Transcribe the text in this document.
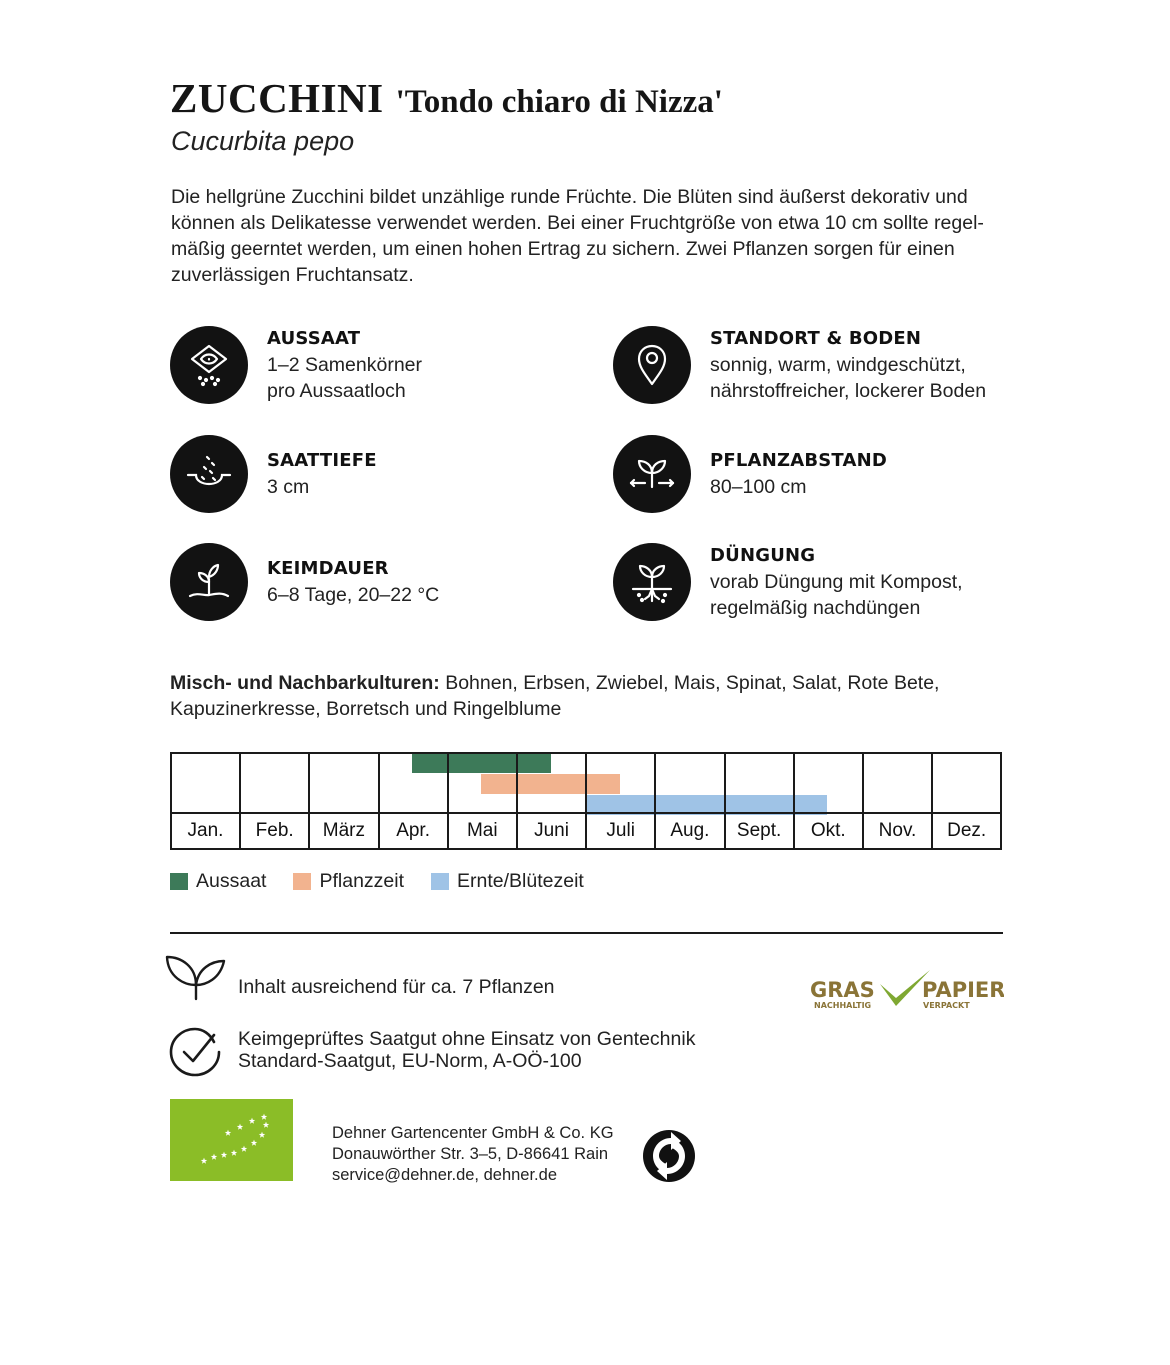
ZUCCHINI 'Tondo chiaro di Nizza'
Cucurbita pepo
Die hellgrüne Zucchini bildet unzählige runde Früchte. Die Blüten sind äußerst dekorativ und können als Delikatesse verwendet werden. Bei einer Fruchtgröße von etwa 10 cm sollte regel-mäßig geerntet werden, um einen hohen Ertrag zu sichern. Zwei Pflanzen sorgen für einen zuverlässigen Fruchtansatz.
AUSSAAT
1–2 Samenkörner
pro Aussaatloch
SAATTIEFE
3 cm
KEIMDAUER
6–8 Tage, 20–22 °C
STANDORT & BODEN
sonnig, warm, windgeschützt,
nährstoffreicher, lockerer Boden
PFLANZABSTAND
80–100 cm
DÜNGUNG
vorab Düngung mit Kompost,
regelmäßig nachdüngen
Misch- und Nachbarkulturen: Bohnen, Erbsen, Zwiebel, Mais, Spinat, Salat, Rote Bete,
Kapuzinerkresse, Borretsch und Ringelblume
Jan.	Feb.	März	Apr.	Mai	Juni	Juli	Aug.	Sept.	Okt.	Nov.	Dez.
Aussaat	Pflanzzeit	Ernte/Blütezeit
Inhalt ausreichend für ca. 7 Pflanzen
Keimgeprüftes Saatgut ohne Einsatz von Gentechnik
Standard-Saatgut, EU-Norm, A-OÖ-100
GRAS
NACHHALTIG
PAPIER
VERPACKT
Dehner Gartencenter GmbH & Co. KG
Donauwörther Str. 3–5, D-86641 Rain
service@dehner.de, dehner.de
